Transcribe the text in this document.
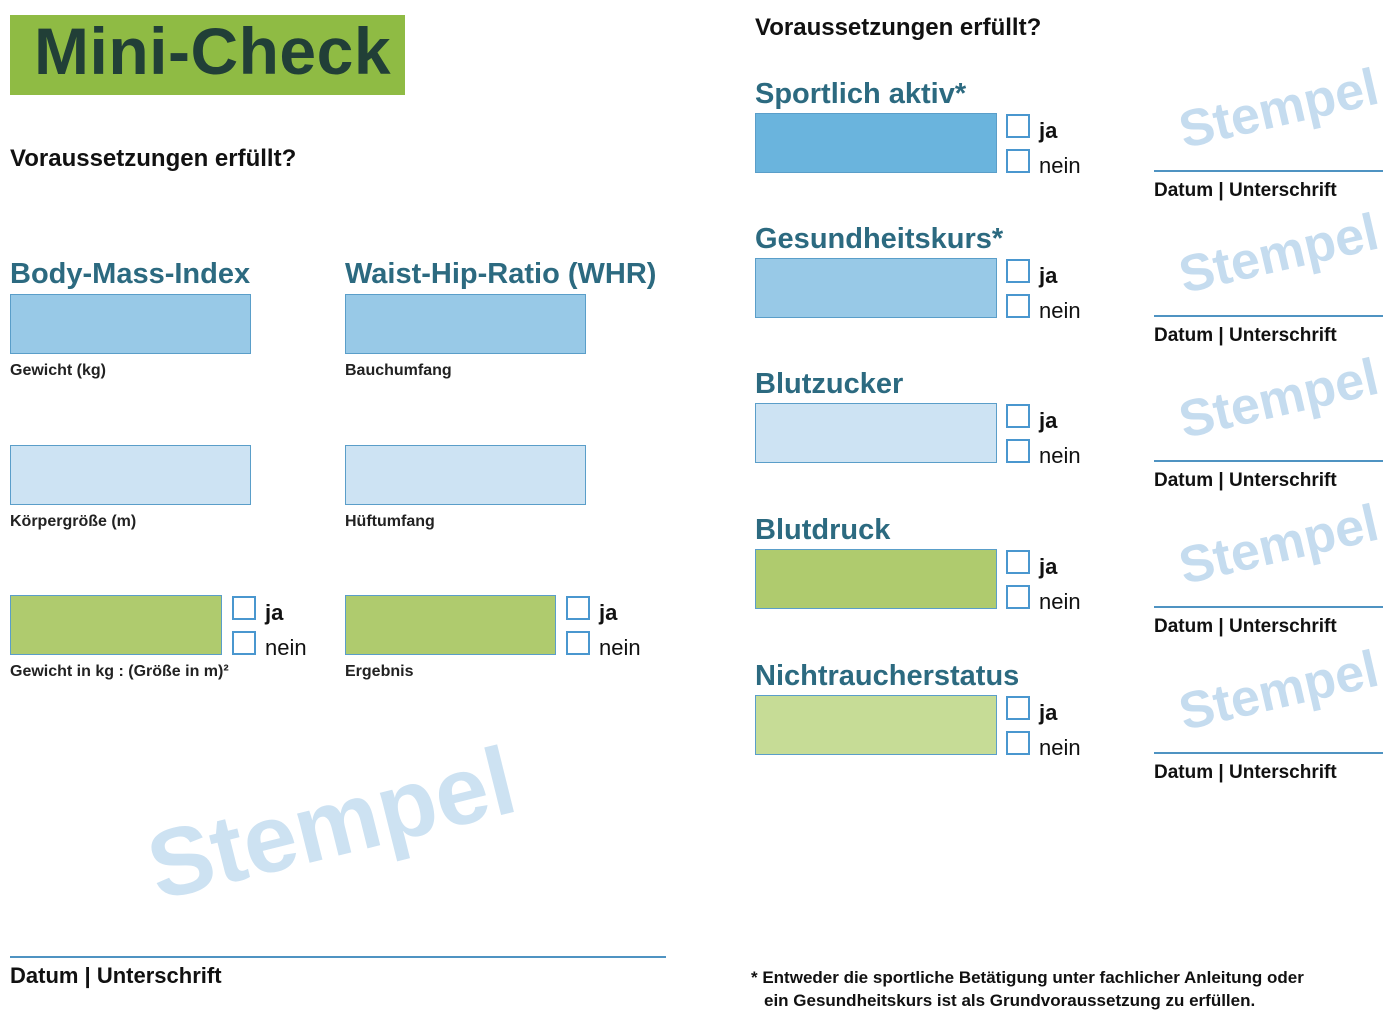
Mini-Check
Voraussetzungen erfüllt?
Body-Mass-Index
Gewicht (kg)
Körpergröße (m)
ja
nein
Gewicht in kg : (Größe in m)²
Waist-Hip-Ratio (WHR)
Bauchumfang
Hüftumfang
ja
nein
Ergebnis
Stempel
Datum | Unterschrift
Voraussetzungen erfüllt?
Sportlich aktiv*
ja
nein
Stempel
Datum | Unterschrift
Gesundheitskurs*
ja
nein
Stempel
Datum | Unterschrift
Blutzucker
ja
nein
Stempel
Datum | Unterschrift
Blutdruck
ja
nein
Stempel
Datum | Unterschrift
Nichtraucherstatus
ja
nein
Stempel
Datum | Unterschrift
* Entweder die sportliche Betätigung unter fachlicher Anleitung oder
ein Gesundheitskurs ist als Grundvoraussetzung zu erfüllen.
